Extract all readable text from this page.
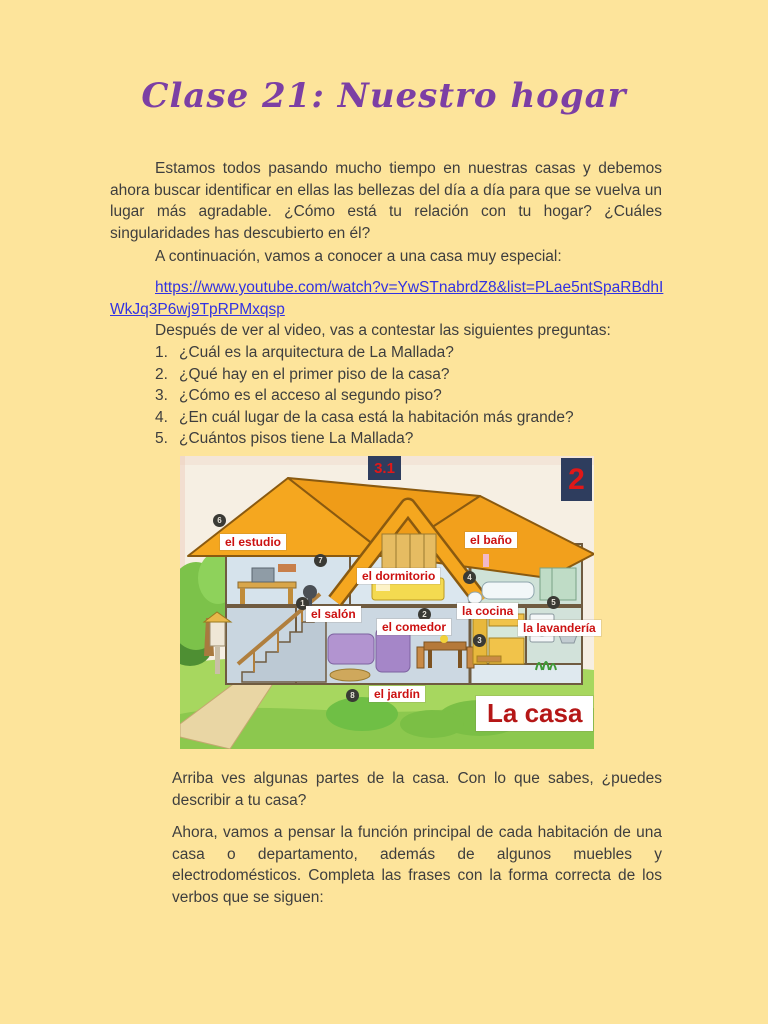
Clase 21: Nuestro hogar
Estamos todos pasando mucho tiempo en nuestras casas y debemos ahora buscar identificar en ellas las bellezas del día a día para que se vuelva un lugar más agradable. ¿Cómo está tu relación con tu hogar? ¿Cuáles singularidades has descubierto en él?
A continuación, vamos a conocer a una casa muy especial:
https://www.youtube.com/watch?v=YwSTnabrdZ8&list=PLae5ntSpaRBdhIWkJq3P6wj9TpRPMxqsp
Después de ver al video, vas a contestar las siguientes preguntas:
1. ¿Cuál es la arquitectura de La Mallada?
2. ¿Qué hay en el primer piso de la casa?
3. ¿Cómo es el acceso al segundo piso?
4. ¿En cuál lugar de la casa está la habitación más grande?
5. ¿Cuántos pisos tiene La Mallada?
3.1	2
6
7
4
1
2
3
5
8
el estudio
el dormitorio
el baño
el salón
el comedor
la cocina
la lavandería
el jardín
La casa
Arriba ves algunas partes de la casa. Con lo que sabes, ¿puedes describir a tu casa?
Ahora, vamos a pensar la función principal de cada habitación de una casa o departamento, además de algunos muebles y electrodomésticos. Completa las frases con la forma correcta de los verbos que se siguen:
